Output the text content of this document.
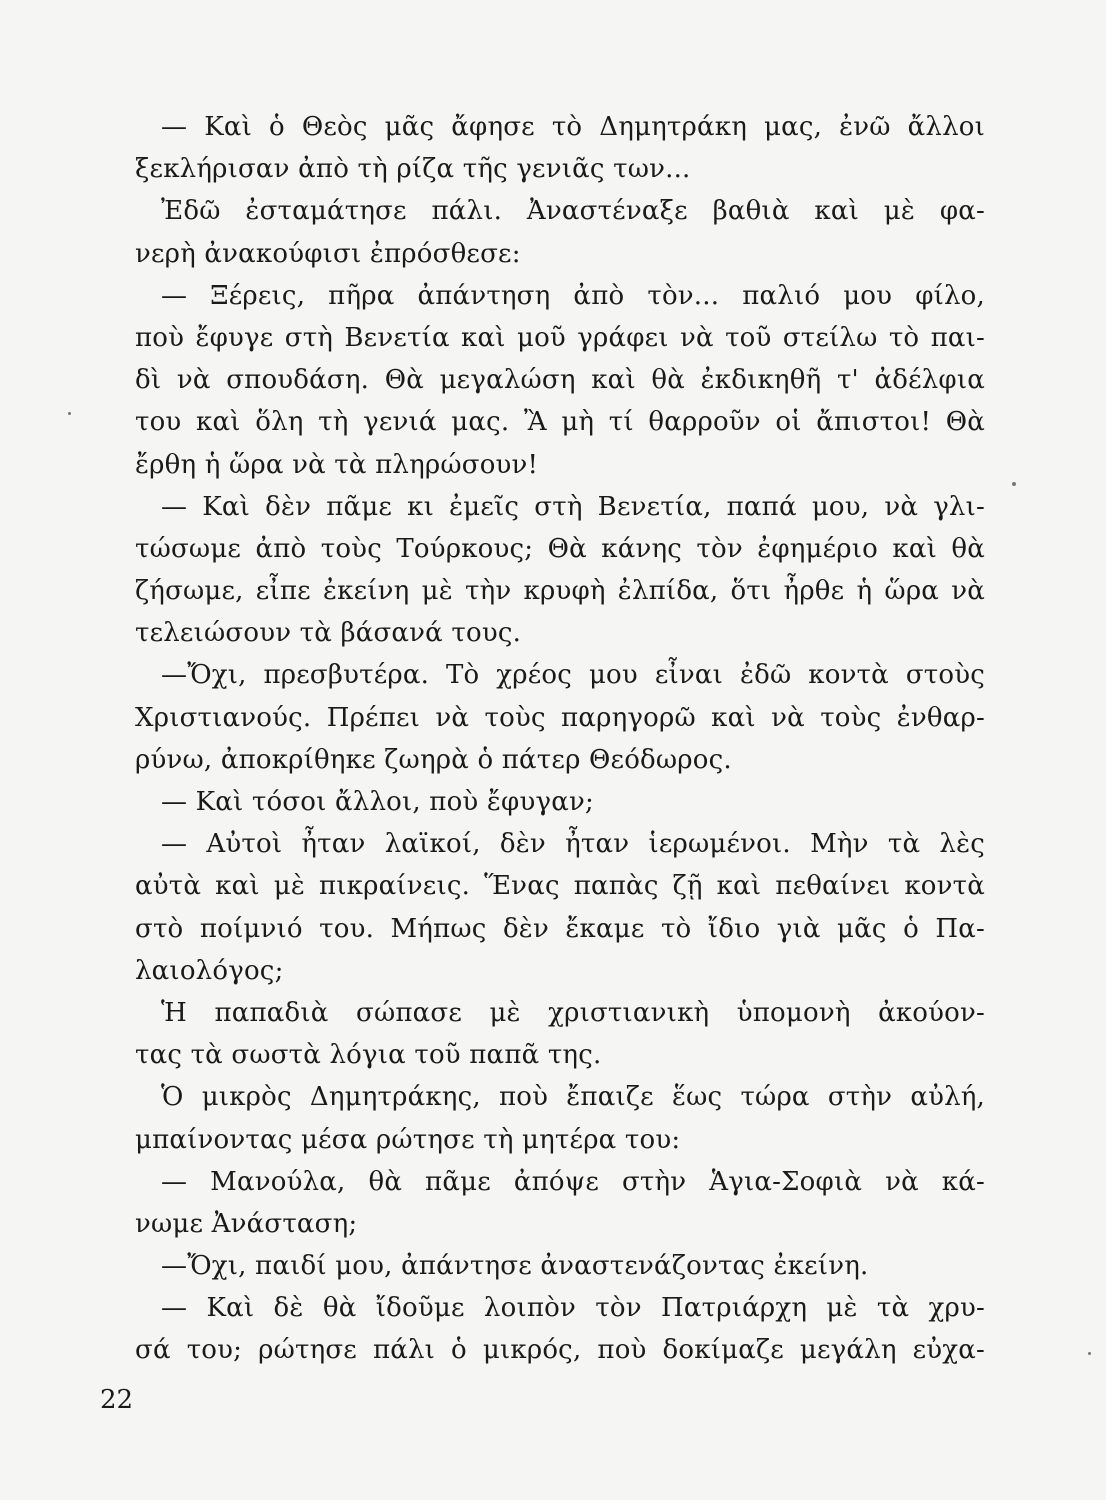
— Καὶ ὁ Θεὸς μᾶς ἄφησε τὸ Δημητράκη μας, ἐνῶ ἄλλοι
ξεκλήρισαν ἀπὸ τὴ ρίζα τῆς γενιᾶς των...
Ἐδῶ ἐσταμάτησε πάλι. Ἀναστέναξε βαθιὰ καὶ μὲ φα-
νερὴ ἀνακούφισι ἐπρόσθεσε:
— Ξέρεις, πῆρα ἀπάντηση ἀπὸ τὸν... παλιό μου φίλο,
ποὺ ἔφυγε στὴ Βενετία καὶ μοῦ γράφει νὰ τοῦ στείλω τὸ παι-
δὶ νὰ σπουδάση. Θὰ μεγαλώση καὶ θὰ ἐκδικηθῆ τ' ἀδέλφια
του καὶ ὅλη τὴ γενιά μας. Ἂ μὴ τί θαρροῦν οἱ ἄπιστοι! Θὰ
ἔρθη ἡ ὥρα νὰ τὰ πληρώσουν!
— Καὶ δὲν πᾶμε κι ἐμεῖς στὴ Βενετία, παπά μου, νὰ γλι-
τώσωμε ἀπὸ τοὺς Τούρκους; Θὰ κάνης τὸν ἐφημέριο καὶ θὰ
ζήσωμε, εἶπε ἐκείνη μὲ τὴν κρυφὴ ἐλπίδα, ὅτι ἦρθε ἡ ὥρα νὰ
τελειώσουν τὰ βάσανά τους.
—Ὄχι, πρεσβυτέρα. Τὸ χρέος μου εἶναι ἐδῶ κοντὰ στοὺς
Χριστιανούς. Πρέπει νὰ τοὺς παρηγορῶ καὶ νὰ τοὺς ἐνθαρ-
ρύνω, ἀποκρίθηκε ζωηρὰ ὁ πάτερ Θεόδωρος.
— Καὶ τόσοι ἄλλοι, ποὺ ἔφυγαν;
— Αὐτοὶ ἦταν λαϊκοί, δὲν ἦταν ἱερωμένοι. Μὴν τὰ λὲς
αὐτὰ καὶ μὲ πικραίνεις. Ἕνας παπὰς ζῇ καὶ πεθαίνει κοντὰ
στὸ ποίμνιό του. Μήπως δὲν ἔκαμε τὸ ἴδιο γιὰ μᾶς ὁ Πα-
λαιολόγος;
Ἡ παπαδιὰ σώπασε μὲ χριστιανικὴ ὑπομονὴ ἀκούον-
τας τὰ σωστὰ λόγια τοῦ παπᾶ της.
Ὁ μικρὸς Δημητράκης, ποὺ ἔπαιζε ἕως τώρα στὴν αὐλή,
μπαίνοντας μέσα ρώτησε τὴ μητέρα του:
— Μανούλα, θὰ πᾶμε ἀπόψε στὴν Ἁγια-Σοφιὰ νὰ κά-
νωμε Ἀνάσταση;
—Ὄχι, παιδί μου, ἀπάντησε ἀναστενάζοντας ἐκείνη.
— Καὶ δὲ θὰ ἴδοῦμε λοιπὸν τὸν Πατριάρχη μὲ τὰ χρυ-
σά του; ρώτησε πάλι ὁ μικρός, ποὺ δοκίμαζε μεγάλη εὐχα-
22
